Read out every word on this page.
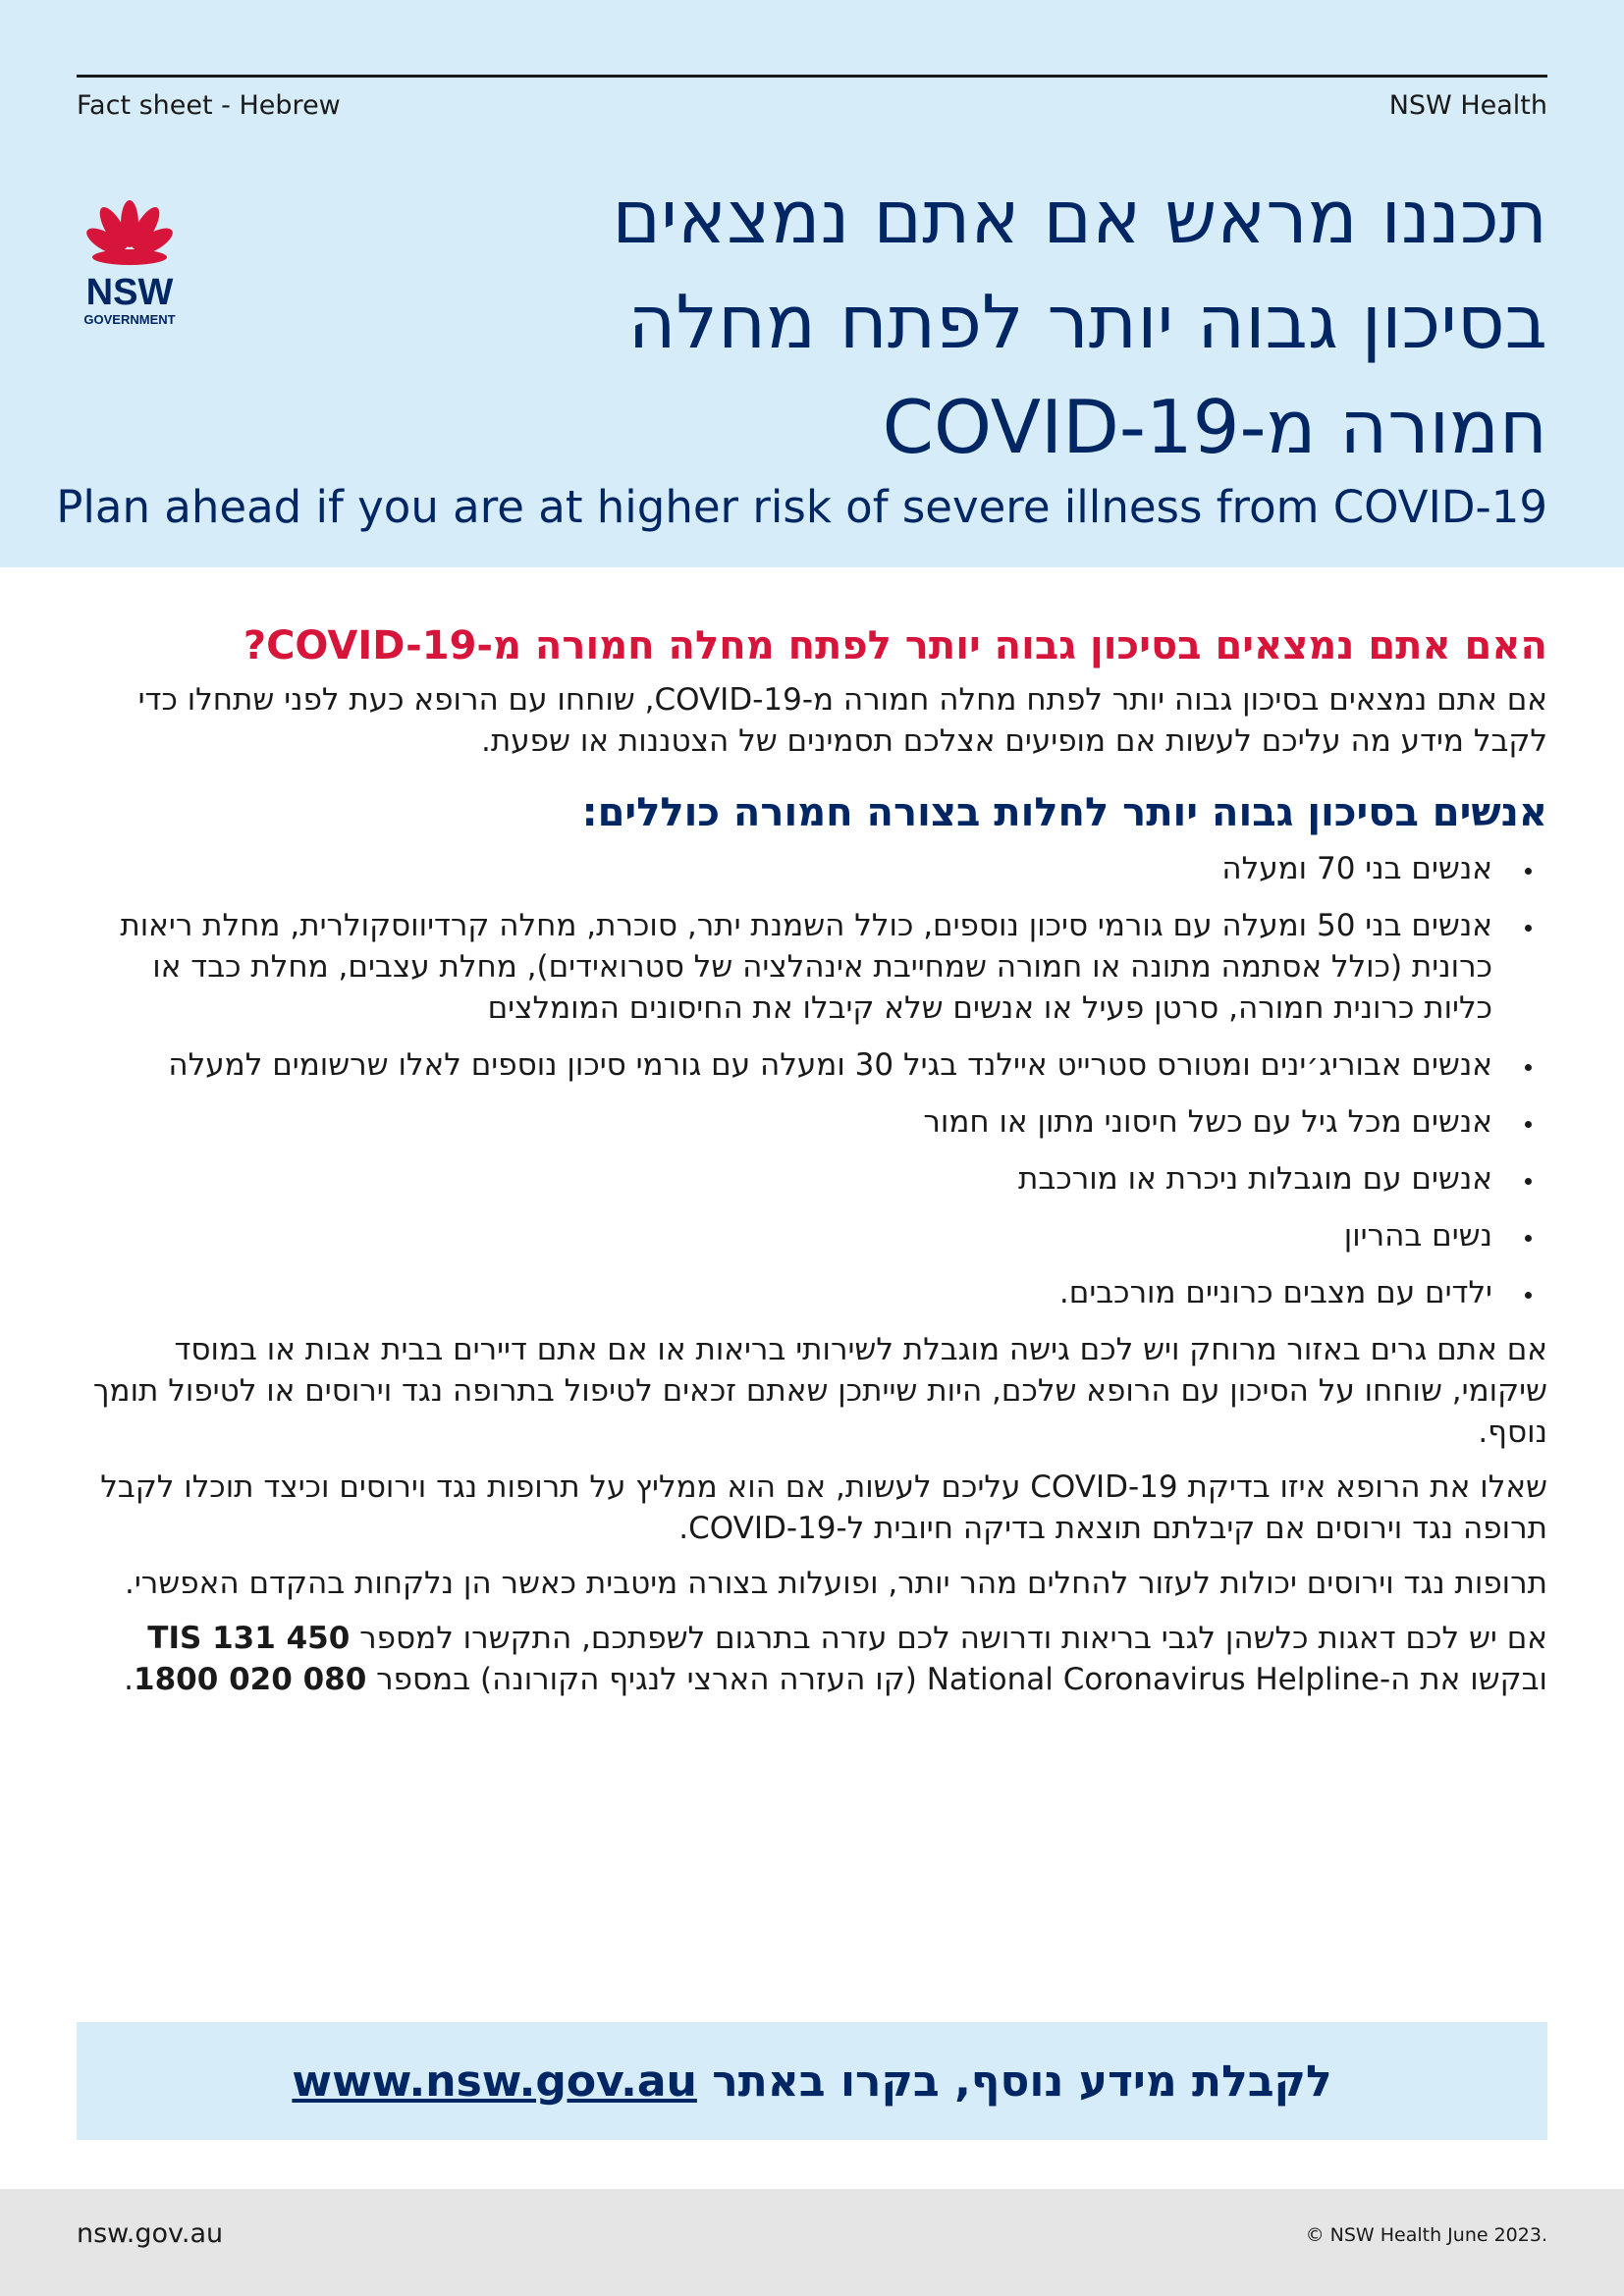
Fact sheet - Hebrew	NSW Health
NSW
GOVERNMENT
תכננו מראש אם אתם נמצאים
בסיכון גבוה יותר לפתח מחלה
חמורה מ-COVID-19
Plan ahead if you are at higher risk of severe illness from COVID-19
האם אתם נמצאים בסיכון גבוה יותר לפתח מחלה חמורה מ-COVID-19?

אם אתם נמצאים בסיכון גבוה יותר לפתח מחלה חמורה מ-COVID-19, שוחחו עם הרופא כעת לפני שתחלו כדי לקבל מידע מה עליכם לעשות אם מופיעים אצלכם תסמינים של הצטננות או שפעת.

אנשים בסיכון גבוה יותר לחלות בצורה חמורה כוללים:
אנשים בני 70 ומעלה
אנשים בני 50 ומעלה עם גורמי סיכון נוספים, כולל השמנת יתר, סוכרת, מחלה קרדיווסקולרית, מחלת ריאות כרונית (כולל אסתמה מתונה או חמורה שמחייבת אינהלציה של סטרואידים), מחלת עצבים, מחלת כבד או כליות כרונית חמורה, סרטן פעיל או אנשים שלא קיבלו את החיסונים המומלצים
אנשים אבוריג׳ינים ומטורס סטרייט איילנד בגיל 30 ומעלה עם גורמי סיכון נוספים לאלו שרשומים למעלה
אנשים מכל גיל עם כשל חיסוני מתון או חמור
אנשים עם מוגבלות ניכרת או מורכבת
נשים בהריון
ילדים עם מצבים כרוניים מורכבים.

אם אתם גרים באזור מרוחק ויש לכם גישה מוגבלת לשירותי בריאות או אם אתם דיירים בבית אבות או במוסד שיקומי, שוחחו על הסיכון עם הרופא שלכם, היות שייתכן שאתם זכאים לטיפול בתרופה נגד וירוסים או לטיפול תומך נוסף.

שאלו את הרופא איזו בדיקת COVID-19 עליכם לעשות, אם הוא ממליץ על תרופות נגד וירוסים וכיצד תוכלו לקבל תרופה נגד וירוסים אם קיבלתם תוצאת בדיקה חיובית ל-COVID-19.

תרופות נגד וירוסים יכולות לעזור להחלים מהר יותר, ופועלות בצורה מיטבית כאשר הן נלקחות בהקדם האפשרי.

אם יש לכם דאגות כלשהן לגבי בריאות ודרושה לכם עזרה בתרגום לשפתכם, התקשרו למספר TIS 131 450 ובקשו את ה-National Coronavirus Helpline (קו העזרה הארצי לנגיף הקורונה) במספר 1800 020 080.

לקבלת מידע נוסף, בקרו באתר www.nsw.gov.au
nsw.gov.au	© NSW Health June 2023.
